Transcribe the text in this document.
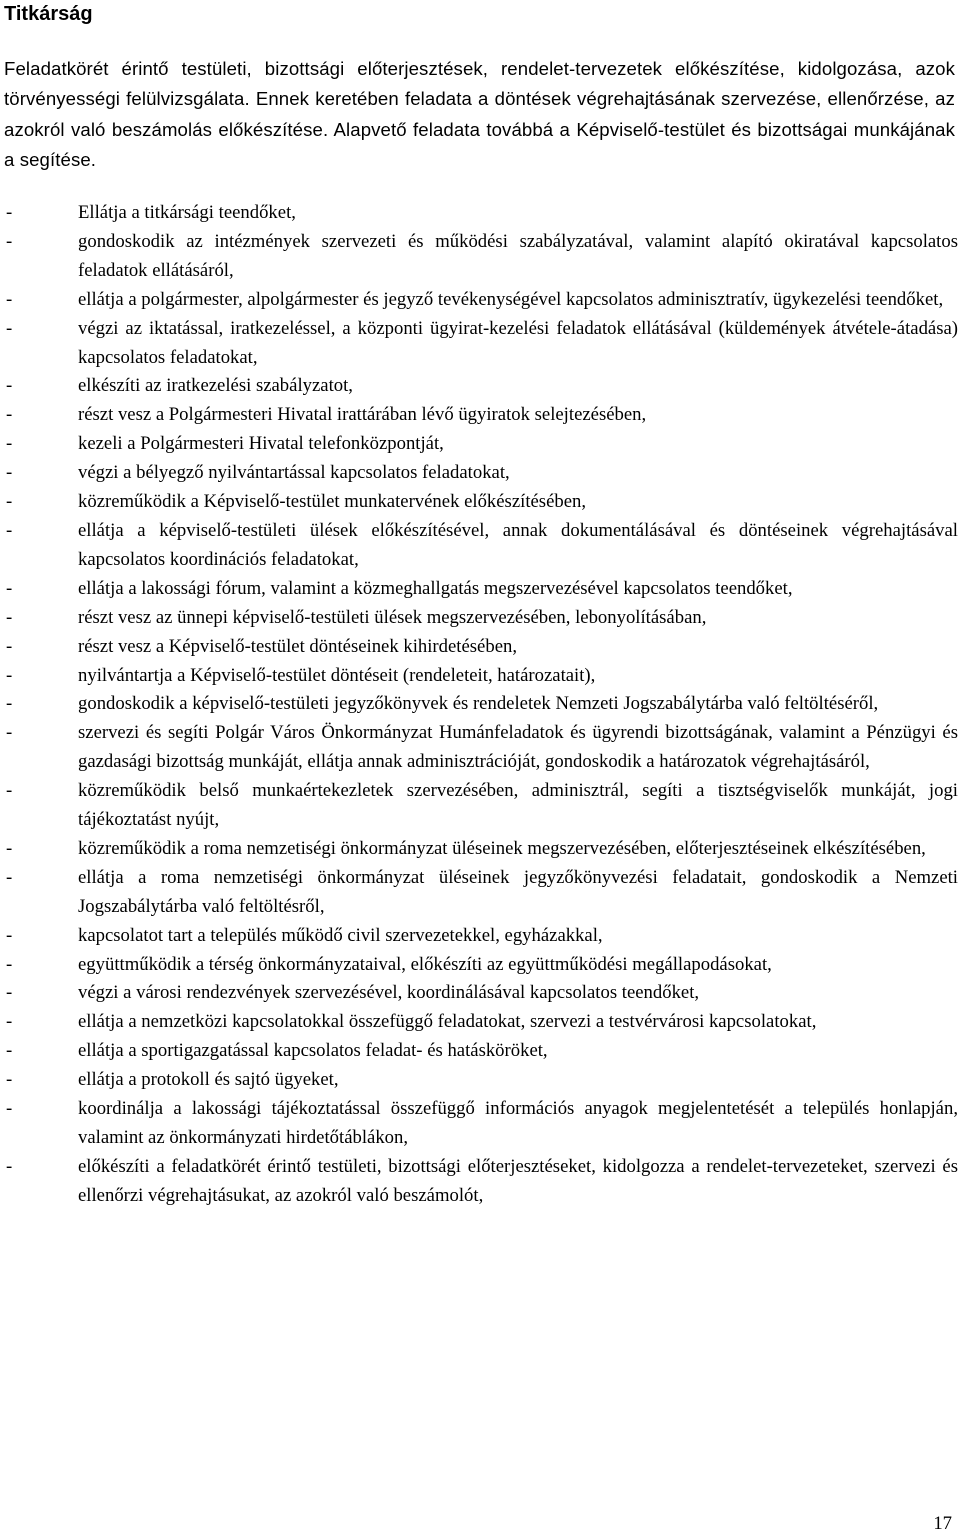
Titkárság

Feladatkörét érintő testületi, bizottsági előterjesztések, rendelet-tervezetek előkészítése, kidolgozása, azok törvényességi felülvizsgálata. Ennek keretében feladata a döntések végrehajtásának szervezése, ellenőrzése, az azokról való beszámolás előkészítése. Alapvető feladata továbbá a Képviselő-testület és bizottságai munkájának a segítése.

-	Ellátja a titkársági teendőket,
-	gondoskodik az intézmények szervezeti és működési szabályzatával, valamint alapító okiratával kapcsolatos feladatok ellátásáról,
-	ellátja a polgármester, alpolgármester és jegyző tevékenységével kapcsolatos adminisztratív, ügykezelési teendőket,
-	végzi az iktatással, iratkezeléssel, a központi ügyirat-kezelési feladatok ellátásával (küldemények átvétele-átadása) kapcsolatos feladatokat,
-	elkészíti az iratkezelési szabályzatot,
-	részt vesz a Polgármesteri Hivatal irattárában lévő ügyiratok selejtezésében,
-	kezeli a Polgármesteri Hivatal telefonközpontját,
-	végzi a bélyegző nyilvántartással kapcsolatos feladatokat,
-	közreműködik a Képviselő-testület munkatervének előkészítésében,
-	ellátja a képviselő-testületi ülések előkészítésével, annak dokumentálásával és döntéseinek végrehajtásával kapcsolatos koordinációs feladatokat,
-	ellátja a lakossági fórum, valamint a közmeghallgatás megszervezésével kapcsolatos teendőket,
-	részt vesz az ünnepi képviselő-testületi ülések megszervezésében, lebonyolításában,
-	részt vesz a Képviselő-testület döntéseinek kihirdetésében,
-	nyilvántartja a Képviselő-testület döntéseit (rendeleteit, határozatait),
-	gondoskodik a képviselő-testületi jegyzőkönyvek és rendeletek Nemzeti Jogszabálytárba való feltöltéséről,
-	szervezi és segíti Polgár Város Önkormányzat Humánfeladatok és ügyrendi bizottságának, valamint a Pénzügyi és gazdasági bizottság munkáját, ellátja annak adminisztrációját, gondoskodik a határozatok végrehajtásáról,
-	közreműködik belső munkaértekezletek szervezésében, adminisztrál, segíti a tisztségviselők munkáját, jogi tájékoztatást nyújt,
-	közreműködik a roma nemzetiségi önkormányzat üléseinek megszervezésében, előterjesztéseinek elkészítésében,
-	ellátja a roma nemzetiségi önkormányzat üléseinek jegyzőkönyvezési feladatait, gondoskodik a Nemzeti Jogszabálytárba való feltöltésről,
-	kapcsolatot tart a település működő civil szervezetekkel, egyházakkal,
-	együttműködik a térség önkormányzataival, előkészíti az együttműködési megállapodásokat,
-	végzi a városi rendezvények szervezésével, koordinálásával kapcsolatos teendőket,
-	ellátja a nemzetközi kapcsolatokkal összefüggő feladatokat, szervezi a testvérvárosi kapcsolatokat,
-	ellátja a sportigazgatással kapcsolatos feladat- és hatásköröket,
-	ellátja a protokoll és sajtó ügyeket,
-	koordinálja a lakossági tájékoztatással összefüggő információs anyagok megjelentetését a település honlapján, valamint az önkormányzati hirdetőtáblákon,
-	előkészíti a feladatkörét érintő testületi, bizottsági előterjesztéseket, kidolgozza a rendelet-tervezeteket, szervezi és ellenőrzi végrehajtásukat, az azokról való beszámolót,

17
